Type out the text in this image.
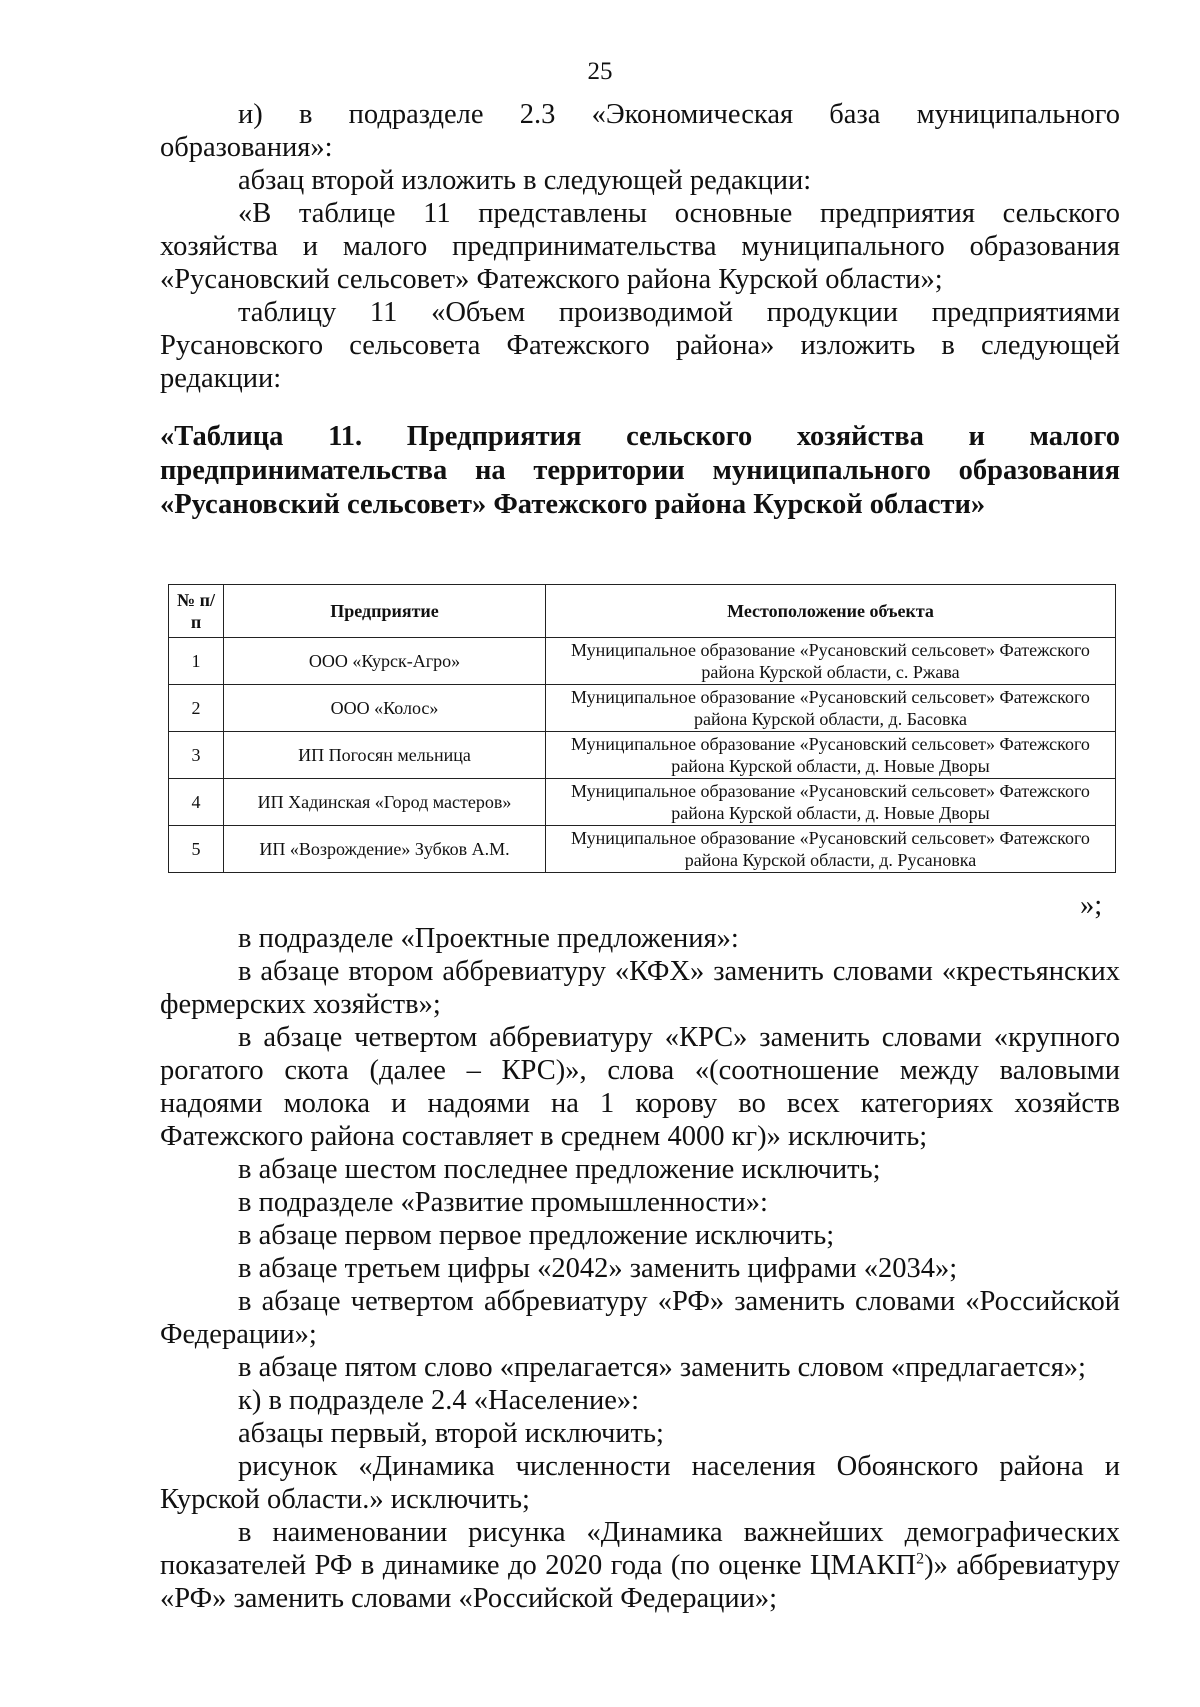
25
и) в подразделе 2.3 «Экономическая база муниципального образования»:
абзац второй изложить в следующей редакции:
«В таблице 11 представлены основные предприятия сельского хозяйства и малого предпринимательства муниципального образования «Русановский сельсовет» Фатежского района Курской области»;
таблицу 11 «Объем производимой продукции предприятиями Русановского сельсовета Фатежского района» изложить в следующей редакции:
«Таблица 11. Предприятия сельского хозяйства и малого предпринимательства на территории муниципального образования «Русановский сельсовет» Фатежского района Курской области»
№ п/п	Предприятие	Местоположение объекта
1	ООО «Курск-Агро»	Муниципальное образование «Русановский сельсовет» Фатежского района Курской области, с. Ржава
2	ООО «Колос»	Муниципальное образование «Русановский сельсовет» Фатежского района Курской области, д. Басовка
3	ИП Погосян мельница	Муниципальное образование «Русановский сельсовет» Фатежского района Курской области, д. Новые Дворы
4	ИП Хадинская «Город мастеров»	Муниципальное образование «Русановский сельсовет» Фатежского района Курской области, д. Новые Дворы
5	ИП «Возрождение» Зубков А.М.	Муниципальное образование «Русановский сельсовет» Фатежского района Курской области, д. Русановка
»;
в подразделе «Проектные предложения»:
в абзаце втором аббревиатуру «КФХ» заменить словами «крестьянских фермерских хозяйств»;
в абзаце четвертом аббревиатуру «КРС» заменить словами «крупного рогатого скота (далее – КРС)», слова «(соотношение между валовыми надоями молока и надоями на 1 корову во всех категориях хозяйств Фатежского района составляет в среднем 4000 кг)» исключить;
в абзаце шестом последнее предложение исключить;
в подразделе «Развитие промышленности»:
в абзаце первом первое предложение исключить;
в абзаце третьем цифры «2042» заменить цифрами «2034»;
в абзаце четвертом аббревиатуру «РФ» заменить словами «Российской Федерации»;
в абзаце пятом слово «прелагается» заменить словом «предлагается»;
к) в подразделе 2.4 «Население»:
абзацы первый, второй исключить;
рисунок «Динамика численности населения Обоянского района и Курской области.» исключить;
в наименовании рисунка «Динамика важнейших демографических показателей РФ в динамике до 2020 года (по оценке ЦМАКП$^2$)» аббревиатуру «РФ» заменить словами «Российской Федерации»;
